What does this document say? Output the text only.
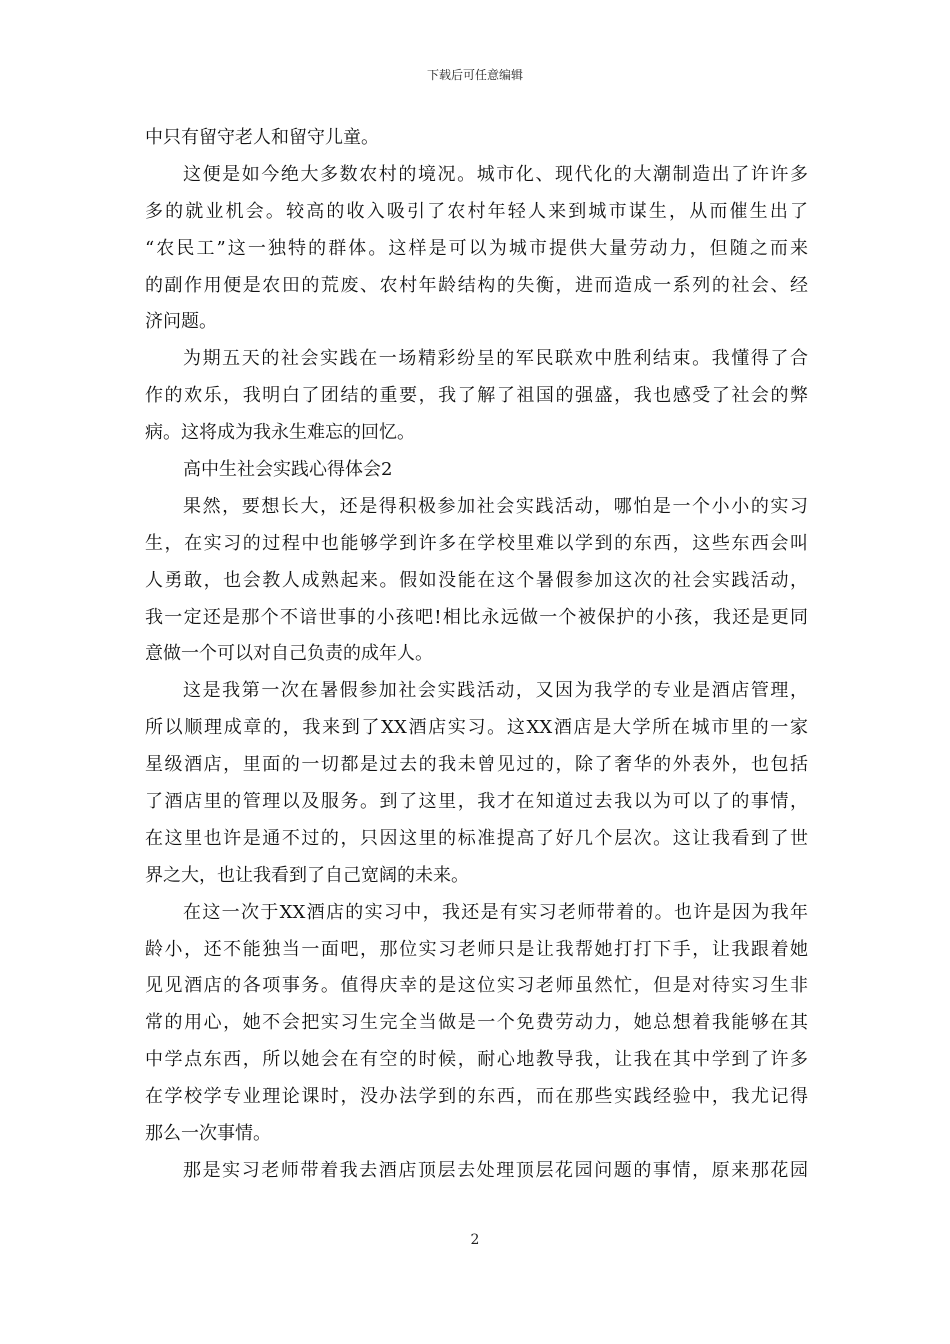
下载后可任意编辑
中只有留守老人和留守儿童。
这便是如今绝大多数农村的境况。城市化、现代化的大潮制造出了许许多
多的就业机会。较高的收入吸引了农村年轻人来到城市谋生，从而催生出了
“农民工”这一独特的群体。这样是可以为城市提供大量劳动力，但随之而来
的副作用便是农田的荒废、农村年龄结构的失衡，进而造成一系列的社会、经
济问题。
为期五天的社会实践在一场精彩纷呈的军民联欢中胜利结束。我懂得了合
作的欢乐，我明白了团结的重要，我了解了祖国的强盛，我也感受了社会的弊
病。这将成为我永生难忘的回忆。
高中生社会实践心得体会2
果然，要想长大，还是得积极参加社会实践活动，哪怕是一个小小的实习
生，在实习的过程中也能够学到许多在学校里难以学到的东西，这些东西会叫
人勇敢，也会教人成熟起来。假如没能在这个暑假参加这次的社会实践活动，
我一定还是那个不谙世事的小孩吧!相比永远做一个被保护的小孩，我还是更同
意做一个可以对自己负责的成年人。
这是我第一次在暑假参加社会实践活动，又因为我学的专业是酒店管理，
所以顺理成章的，我来到了XX酒店实习。这XX酒店是大学所在城市里的一家
星级酒店，里面的一切都是过去的我未曾见过的，除了奢华的外表外，也包括
了酒店里的管理以及服务。到了这里，我才在知道过去我以为可以了的事情，
在这里也许是通不过的，只因这里的标准提高了好几个层次。这让我看到了世
界之大，也让我看到了自己宽阔的未来。
在这一次于XX酒店的实习中，我还是有实习老师带着的。也许是因为我年
龄小，还不能独当一面吧，那位实习老师只是让我帮她打打下手，让我跟着她
见见酒店的各项事务。值得庆幸的是这位实习老师虽然忙，但是对待实习生非
常的用心，她不会把实习生完全当做是一个免费劳动力，她总想着我能够在其
中学点东西，所以她会在有空的时候，耐心地教导我，让我在其中学到了许多
在学校学专业理论课时，没办法学到的东西，而在那些实践经验中，我尤记得
那么一次事情。
那是实习老师带着我去酒店顶层去处理顶层花园问题的事情，原来那花园
2
